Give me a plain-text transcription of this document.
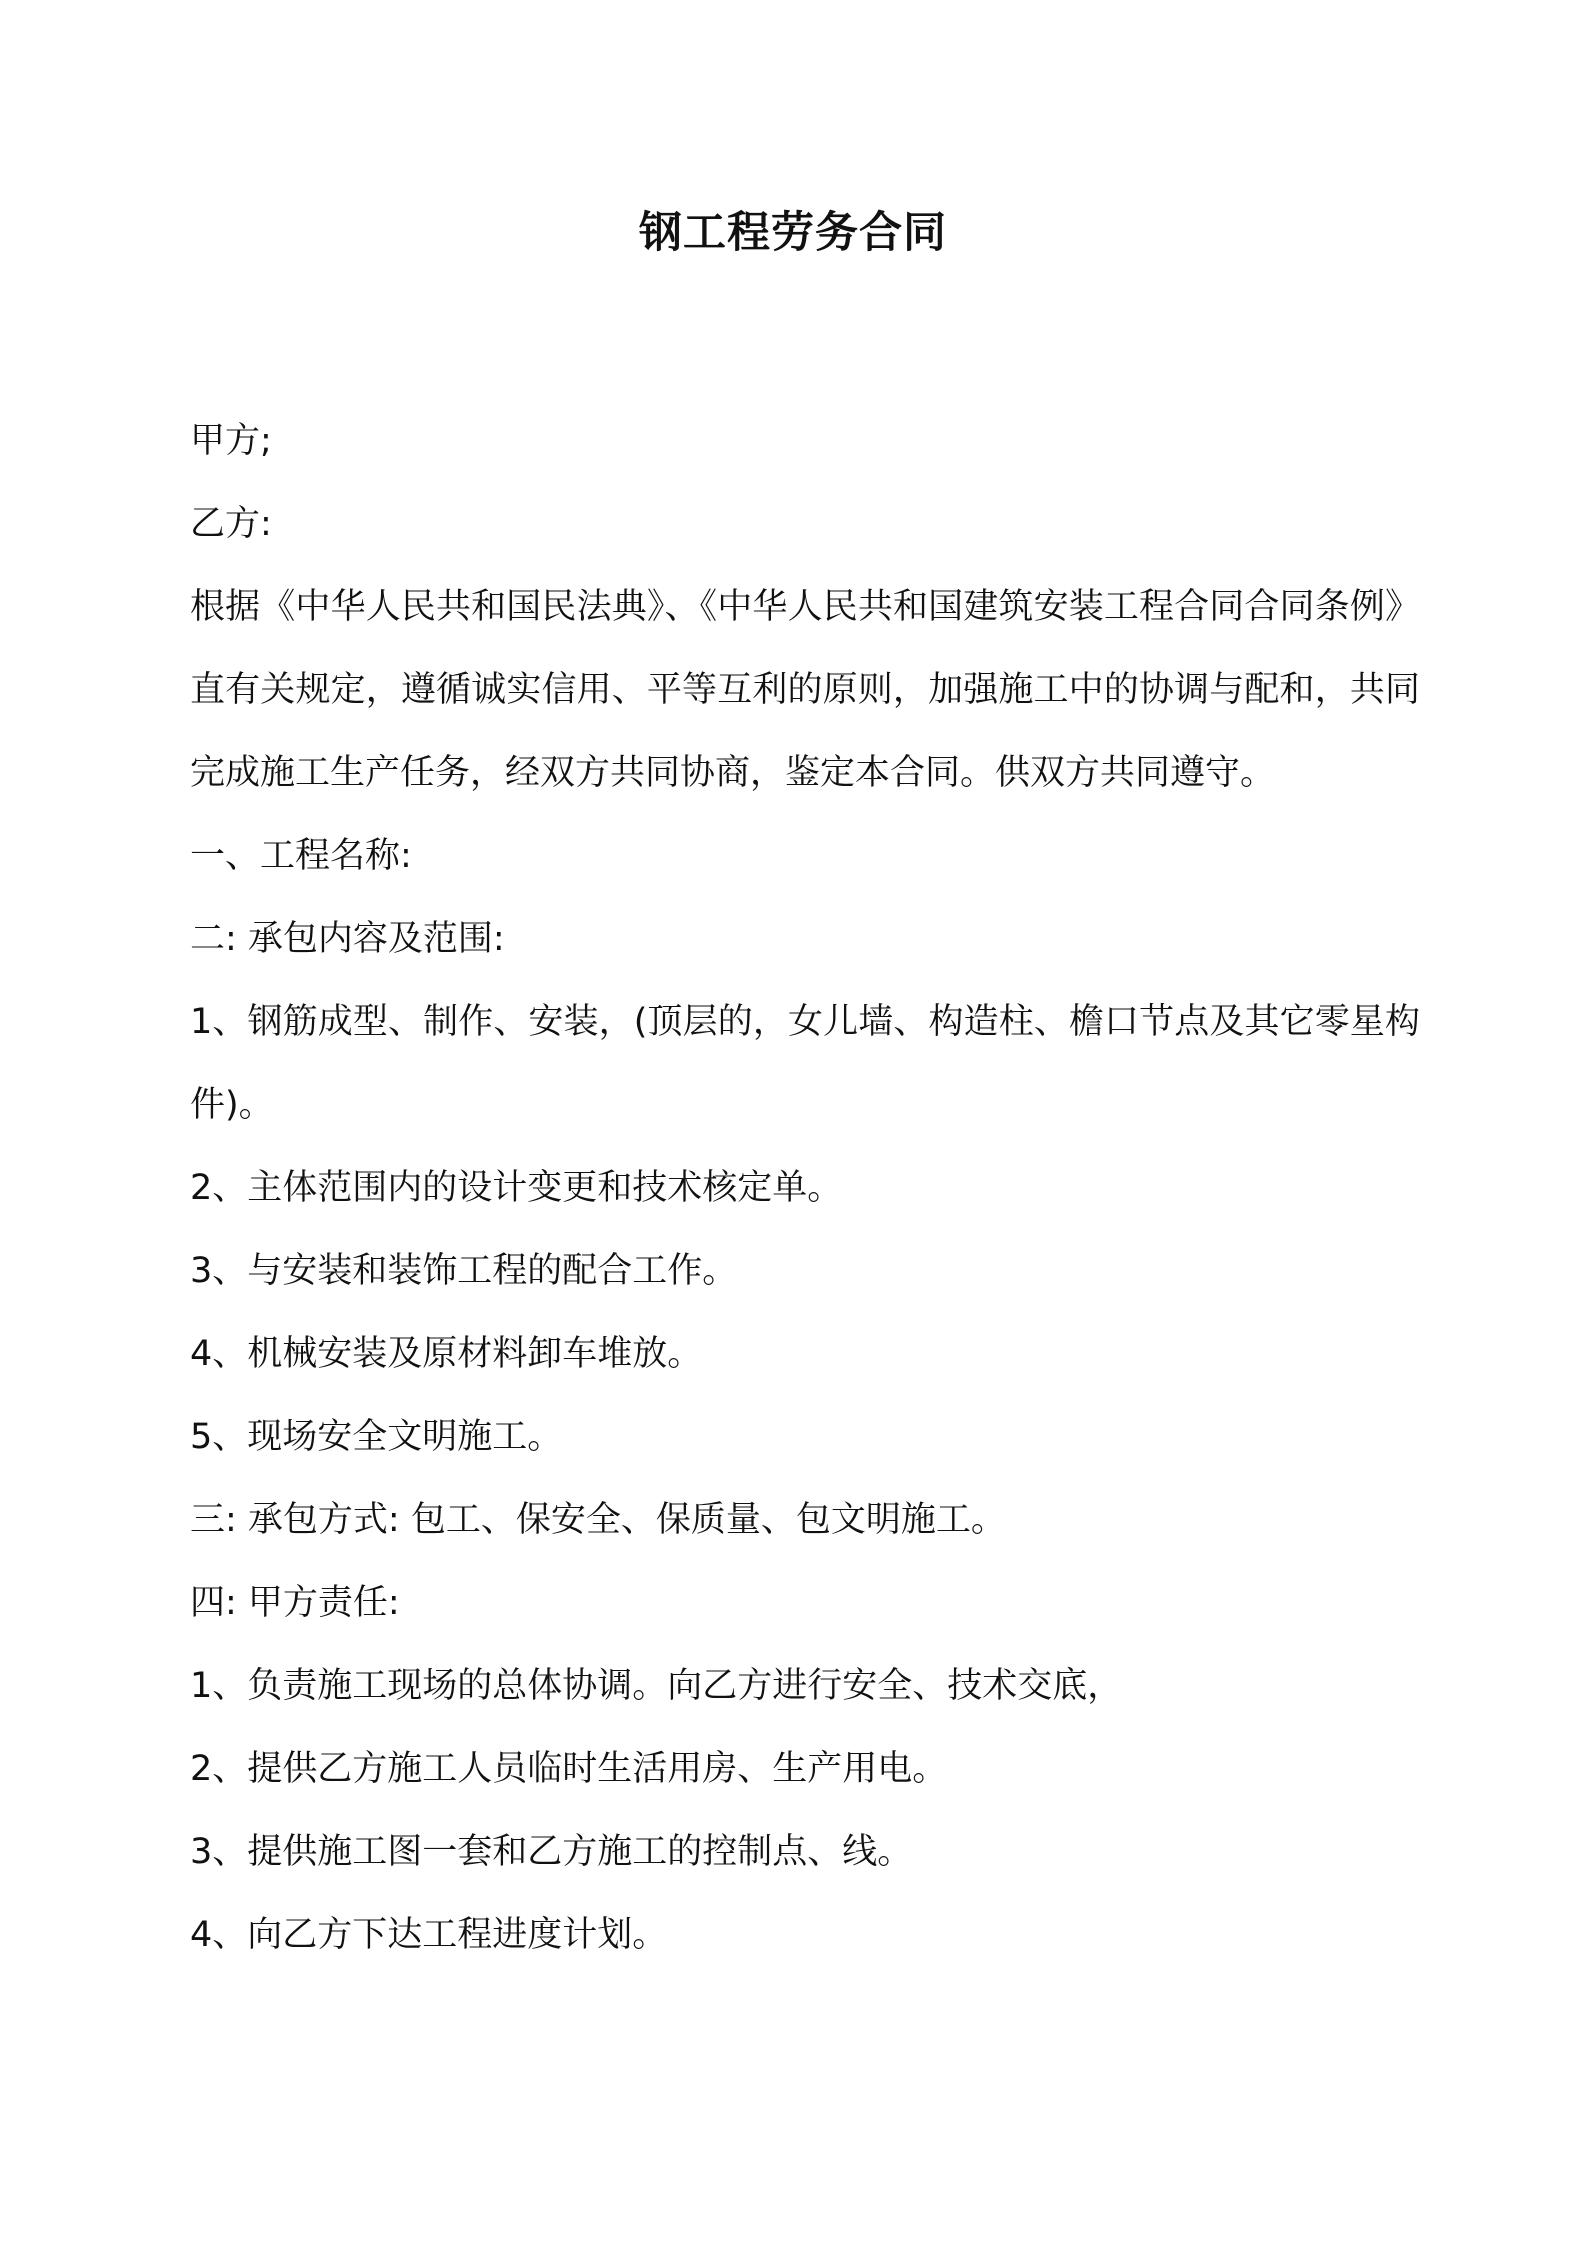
钢工程劳务合同

甲方;

乙方:

根据《中华人民共和国民法典》、《中华人民共和国建筑安装工程合同合同条例》直有关规定，遵循诚实信用、平等互利的原则，加强施工中的协调与配和，共同完成施工生产任务，经双方共同协商，鉴定本合同。供双方共同遵守。

一、工程名称:

二: 承包内容及范围:

1、钢筋成型、制作、安装，(顶层的，女儿墙、构造柱、檐口节点及其它零星构件)。

2、主体范围内的设计变更和技术核定单。

3、与安装和装饰工程的配合工作。

4、机械安装及原材料卸车堆放。

5、现场安全文明施工。

三: 承包方式: 包工、保安全、保质量、包文明施工。

四: 甲方责任:

1、负责施工现场的总体协调。向乙方进行安全、技术交底，

2、提供乙方施工人员临时生活用房、生产用电。

3、提供施工图一套和乙方施工的控制点、线。

4、向乙方下达工程进度计划。
